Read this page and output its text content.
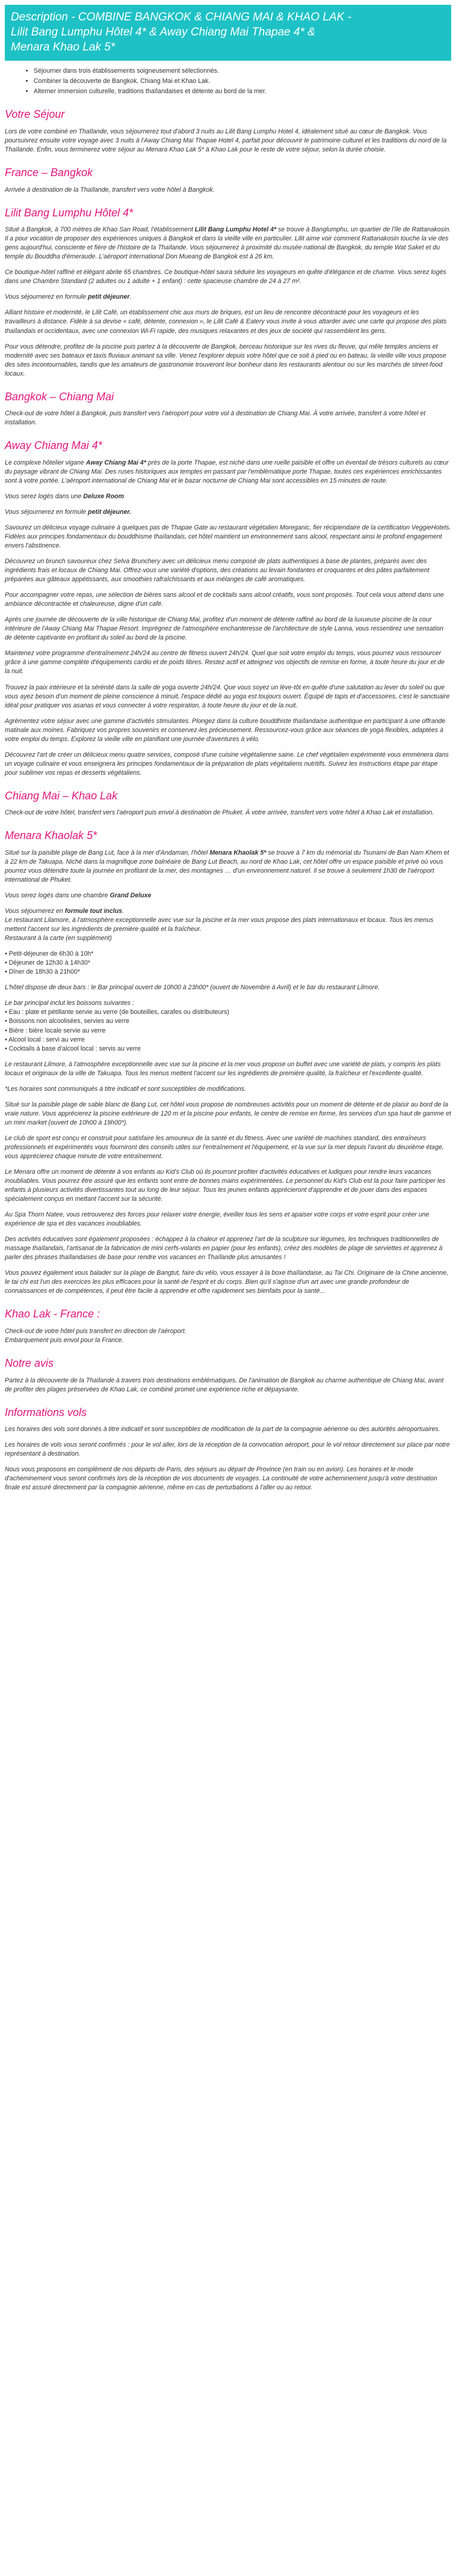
Description - COMBINE BANGKOK & CHIANG MAI & KHAO LAK -
Lilit Bang Lumphu Hôtel 4* & Away Chiang Mai Thapae 4* &
Menara Khao Lak 5*
• Séjourner dans trois établissements soigneusement sélectionnés.
• Combiner la découverte de Bangkok, Chiang Mai et Khao Lak.
• Alterner immersion culturelle, traditions thaïlandaises et détente au bord de la mer.
Votre Séjour

Lors de votre combiné en Thaïlande, vous séjournerez tout d'abord 3 nuits au Lilit Bang Lumphu Hotel 4, idéalement situé au cœur de Bangkok. Vous poursuivrez ensuite votre voyage avec 3 nuits à l'Away Chiang Mai Thapae Hotel 4, parfait pour découvrir le patrimoine culturel et les traditions du nord de la Thaïlande. Enfin, vous terminerez votre séjour au Menara Khao Lak 5* à Khao Lak pour le reste de votre séjour, selon la durée choisie.

France – Bangkok

Arrivée à destination de la Thaïlande, transfert vers votre hôtel à Bangkok.

Lilit Bang Lumphu Hôtel 4*

Situé à Bangkok, à 700 mètres de Khao San Road, l'établissement Lilit Bang Lumphu Hotel 4* se trouve à Banglumphu, un quartier de l'île de Rattanakosin. Il a pour vocation de proposer des expériences uniques à Bangkok et dans la vieille ville en particulier. Lilit aime voir comment Rattanakosin touche la vie des gens aujourd'hui, consciente et fière de l'histoire de la Thaïlande. Vous séjournerez à proximité du musée national de Bangkok, du temple Wat Saket et du temple du Bouddha d'émeraude. L'aéroport international Don Mueang de Bangkok est à 26 km.

Ce boutique-hôtel raffiné et élégant abrite 65 chambres. Ce boutique-hôtel saura séduire les voyageurs en quête d'élégance et de charme. Vous serez logés dans une Chambre Standard (2 adultes ou 1 adulte + 1 enfant) : cette spacieuse chambre de 24 à 27 m².

Vous séjournerez en formule petit déjeuner.

Alliant histoire et modernité, le Lilit Café, un établissement chic aux murs de briques, est un lieu de rencontre décontracté pour les voyageurs et les travailleurs à distance. Fidèle à sa devise « café, détente, connexion », le Lilit Café & Eatery vous invite à vous attarder avec une carte qui propose des plats thaïlandais et occidentaux, avec une connexion Wi-Fi rapide, des musiques relaxantes et des jeux de société qui rassemblent les gens.

Pour vous détendre, profitez de la piscine puis partez à la découverte de Bangkok, berceau historique sur les rives du fleuve, qui mêle temples anciens et modernité avec ses bateaux et taxis fluviaux animant sa ville. Venez l'explorer depuis votre hôtel que ce soit à pied ou en bateau, la vieille ville vous propose des sites incontournables, tandis que les amateurs de gastronomie trouveront leur bonheur dans les restaurants alentour ou sur les marchés de street-food locaux.

Bangkok – Chiang Mai

Check-out de votre hôtel à Bangkok, puis transfert vers l'aéroport pour votre vol à destination de Chiang Mai. À votre arrivée, transfert à votre hôtel et installation.

Away Chiang Mai 4*

Le complexe hôtelier vigane Away Chiang Mai 4* près de la porte Thapae, est niché dans une ruelle paisible et offre un éventail de trésors culturels au cœur du paysage vibrant de Chiang Mai. Des ruses historiques aux temples en passant par l'emblématique porte Thapae, toutes ces expériences enrichissantes sont à votre portée. L'aéroport international de Chiang Mai et le bazar nocturne de Chiang Mai sont accessibles en 15 minutes de route.

Vous serez logés dans une Deluxe Room

Vous séjournerez en formule petit déjeuner.

Savourez un délicieux voyage culinaire à quelques pas de Thapae Gate au restaurant végétalien Moreganic, fier récipiendaire de la certification VeggieHotels. Fidèles aux principes fondamentaux du bouddhisme thaïlandais, cet hôtel maintient un environnement sans alcool, respectant ainsi le profond engagement envers l'abstinence.

Découvrez un brunch savoureux chez Selva Brunchery avec un délicieux menu composé de plats authentiques à base de plantes, préparés avec des ingrédients frais et locaux de Chiang Mai. Offrez-vous une variété d'options, des créations au levain fondantes et croquantes et des pâtes parfaitement préparées aux gâteaux appétissants, aux smoothies rafraîchissants et aux mélanges de café aromatiques.

Pour accompagner votre repas, une sélection de bières sans alcool et de cocktails sans alcool créatifs, vous sont proposés. Tout cela vous attend dans une ambiance décontractée et chaleureuse, digne d'un café.

Après une journée de découverte de la ville historique de Chiang Mai, profitez d'un moment de détente raffiné au bord de la luxueuse piscine de la cour intérieure de l'Away Chiang Mai Thapae Resort. Imprégnez de l'atmosphère enchanteresse de l'architecture de style Lanna, vous ressentirez une sensation de détente captivante en profitant du soleil au bord de la piscine.

Maintenez votre programme d'entraînement 24h/24 au centre de fitness ouvert 24h/24. Quel que soit votre emploi du temps, vous pourrez vous ressourcer grâce à une gamme complète d'équipements cardio et de poids libres. Restez actif et atteignez vos objectifs de remise en forme, à toute heure du jour et de la nuit.

Trouvez la paix intérieure et la sérénité dans la salle de yoga ouverte 24h/24. Que vous soyez un lève-tôt en quête d'une salutation au lever du soleil ou que vous ayez besoin d'un moment de pleine conscience à minuit, l'espace dédié au yoga est toujours ouvert. Équipé de tapis et d'accessoires, c'est le sanctuaire idéal pour pratiquer vos asanas et vous connecter à votre respiration, à toute heure du jour et de la nuit.

Agrémentez votre séjour avec une gamme d'activités stimulantes. Plongez dans la culture bouddhiste thaïlandaise authentique en participant à une offrande matinale aux moines. Fabriquez vos propres souvenirs et conservez-les précieusement. Ressourcez-vous grâce aux séances de yoga flexibles, adaptées à votre emploi du temps. Explorez la vieille ville en planifiant une journée d'aventures à vélo.

Découvrez l'art de créer un délicieux menu quatre services, composé d'une cuisine végétalienne saine. Le chef végétalien expérimenté vous emmènera dans un voyage culinaire et vous enseignera les principes fondamentaux de la préparation de plats végétaliens nutritifs. Suivez les instructions étape par étape pour sublimer vos repas et desserts végétaliens.

Chiang Mai – Khao Lak

Check-out de votre hôtel, transfert vers l'aéroport puis envol à destination de Phuket. À votre arrivée, transfert vers votre hôtel à Khao Lak et installation.

Menara Khaolak 5*

Situé sur la paisible plage de Bang Lut, face à la mer d'Andaman, l'hôtel Menara Khaolak 5* se trouve à 7 km du mémorial du Tsunami de Ban Nam Khem et à 22 km de Takuapa. Niché dans la magnifique zone balnéaire de Bang Lut Beach, au nord de Khao Lak, cet hôtel offre un espace paisible et privé où vous pourrez vous détendre toute la journée en profitant de la mer, des montagnes … d'un environnement naturel. Il se trouve à seulement 1h30 de l'aéroport international de Phuket.

Vous serez logés dans une chambre Grand Deluxe

Vous séjournerez en formule tout inclus.
Le restaurant Lilamore, à l'atmosphère exceptionnelle avec vue sur la piscine et la mer vous propose des plats internationaux et locaux. Tous les menus mettent l'accent sur les ingrédients de première qualité et la fraîcheur.
Restaurant à la carte (en supplément)

• Petit-déjeuner de 6h30 à 10h*
• Déjeuner de 12h30 à 14h30*
• Dîner de 18h30 à 21h00*

L'hôtel dispose de deux bars : le Bar principal ouvert de 10h00 à 23h00* (ouvert de Novembre à Avril) et le bar du restaurant Lilmore.

Le bar principal inclut les boissons suivantes :

• Eau : plate et pétillante servie au verre (de bouteilles, carafes ou distributeurs)
• Boissons non alcoolisées, servies au verre
• Bière : bière locale servie au verre
• Alcool local : servi au verre
• Cocktails à base d'alcool local : servis au verre

Le restaurant Lilmore, à l'atmosphère exceptionnelle avec vue sur la piscine et la mer vous propose un buffet avec une variété de plats, y compris les plats locaux et originaux de la ville de Takuapa. Tous les menus mettent l'accent sur les ingrédients de première qualité, la fraîcheur et l'excellente qualité.

*Les horaires sont communiqués à titre indicatif et sont susceptibles de modifications.

Situé sur la paisible plage de sable blanc de Bang Lut, cet hôtel vous propose de nombreuses activités pour un moment de détente et de plaisir au bord de la vraie nature. Vous apprécierez la piscine extérieure de 120 m et la piscine pour enfants, le centre de remise en forme, les services d'un spa haut de gamme et un mini market (ouvert de 10h00 à 19h00*).

Le club de sport est conçu et construit pour satisfaire les amoureux de la santé et du fitness. Avec une variété de machines standard, des entraîneurs professionnels et expérimentés vous fourniront des conseils utiles sur l'entraînement et l'équipement, et la vue sur la mer depuis l'avant du deuxième étage, vous apprécierez chaque minute de votre entraînement.

Le Menara offre un moment de détente à vos enfants au Kid's Club où ils pourront profiter d'activités éducatives et ludiques pour rendre leurs vacances inoubliables. Vous pourrez être assuré que les enfants sont entre de bonnes mains expérimentées. Le personnel du Kid's Club est là pour faire participer les enfants à plusieurs activités divertissantes tout au long de leur séjour. Tous les jeunes enfants apprécieront d'apprendre et de jouer dans des espaces spécialement conçus en mettant l'accent sur la sécurité.

Au Spa Thorn Natee, vous retrouverez des forces pour relaxer votre énergie, éveiller tous les sens et apaiser votre corps et votre esprit pour créer une expérience de spa et des vacances inoubliables.

Des activités éducatives sont également proposées : échappez à la chaleur et apprenez l'art de la sculpture sur légumes, les techniques traditionnelles de massage thaïlandais, l'artisanat de la fabrication de mini cerfs-volants en papier (pour les enfants), créez des modèles de plage de serviettes et apprenez à parler des phrases thaïlandaises de base pour rendre vos vacances en Thaïlande plus amusantes !

Vous pouvez également vous balader sur la plage de Bangtut, faire du vélo, vous essayer à la boxe thaïlandaise, au Tai Chi. Originaire de la Chine ancienne, le tai chi est l'un des exercices les plus efficaces pour la santé de l'esprit et du corps. Bien qu'il s'agisse d'un art avec une grande profondeur de connaissances et de compétences, il peut être facile à apprendre et offre rapidement ses bienfaits pour la santé...

Khao Lak - France :

Check-out de votre hôtel puis transfert en direction de l'aéroport.
Embarquement puis envol pour la France.

Notre avis

Partez à la découverte de la Thaïlande à travers trois destinations emblématiques. De l'animation de Bangkok au charme authentique de Chiang Mai, avant de profiter des plages préservées de Khao Lak, ce combiné promet une expérience riche et dépaysante.

Informations vols

Les horaires des vols sont donnés à titre indicatif et sont susceptibles de modification de la part de la compagnie aérienne ou des autorités aéroportuaires.

Les horaires de vols vous seront confirmés : pour le vol aller, lors de la réception de la convocation aéroport, pour le vol retour directement sur place par notre représentant à destination.

Nous vous proposons en complément de nos départs de Paris, des séjours au départ de Province (en train ou en avion). Les horaires et le mode d'acheminement vous seront confirmés lors de la réception de vos documents de voyages. La continuité de votre acheminement jusqu'à votre destination finale est assuré directement par la compagnie aérienne, même en cas de perturbations à l'aller ou au retour.
